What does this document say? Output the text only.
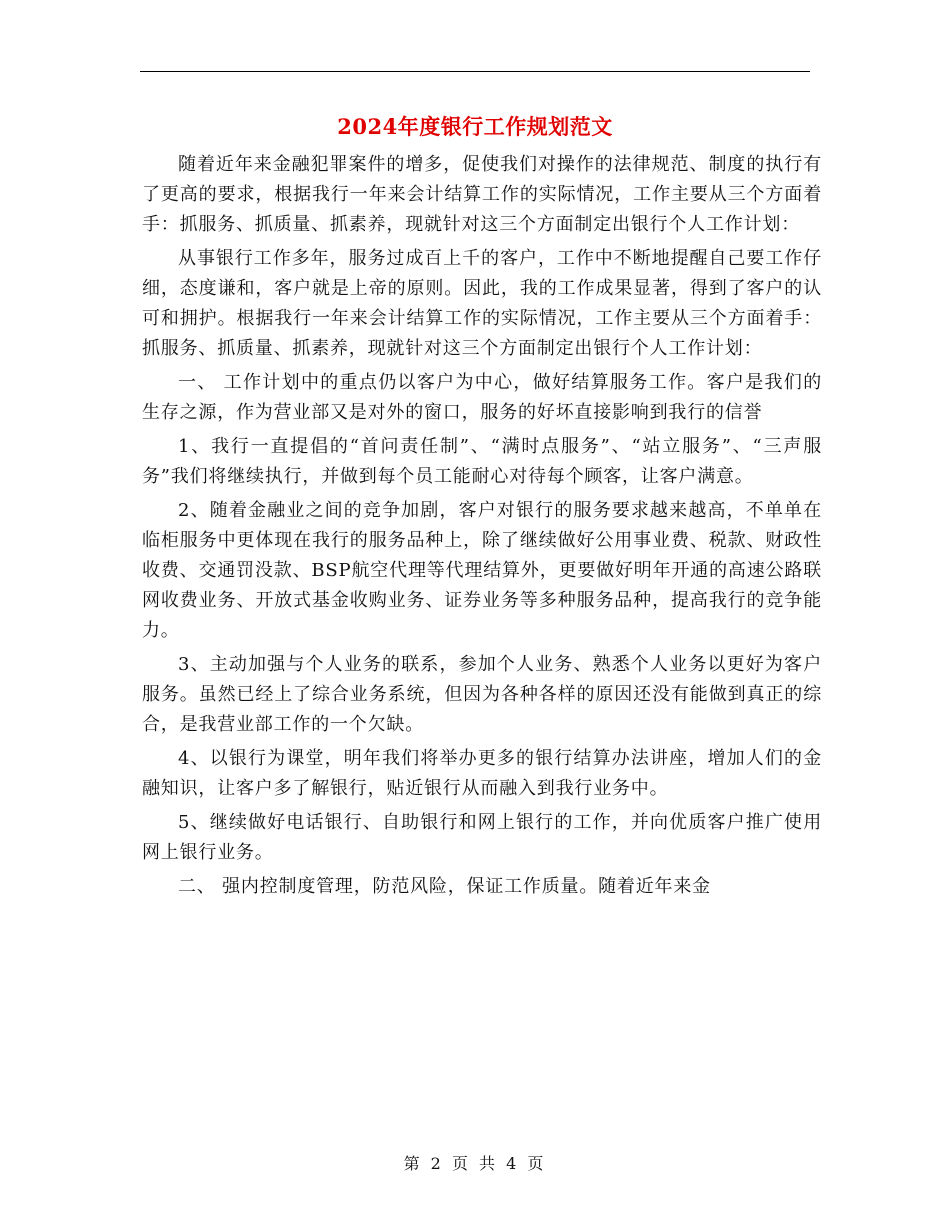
2024年度银行工作规划范文

随着近年来金融犯罪案件的增多，促使我们对操作的法律规范、制度的执行有了更高的要求，根据我行一年来会计结算工作的实际情况，工作主要从三个方面着手：抓服务、抓质量、抓素养，现就针对这三个方面制定出银行个人工作计划：

从事银行工作多年，服务过成百上千的客户，工作中不断地提醒自己要工作仔细，态度谦和，客户就是上帝的原则。因此，我的工作成果显著，得到了客户的认可和拥护。根据我行一年来会计结算工作的实际情况，工作主要从三个方面着手：抓服务、抓质量、抓素养，现就针对这三个方面制定出银行个人工作计划：

一、 工作计划中的重点仍以客户为中心，做好结算服务工作。客户是我们的生存之源，作为营业部又是对外的窗口，服务的好坏直接影响到我行的信誉

1、我行一直提倡的“首问责任制”、“满时点服务”、“站立服务”、“三声服务”我们将继续执行，并做到每个员工能耐心对待每个顾客，让客户满意。

2、随着金融业之间的竞争加剧，客户对银行的服务要求越来越高，不单单在临柜服务中更体现在我行的服务品种上，除了继续做好公用事业费、税款、财政性收费、交通罚没款、BSP航空代理等代理结算外，更要做好明年开通的高速公路联网收费业务、开放式基金收购业务、证券业务等多种服务品种，提高我行的竞争能力。

3、主动加强与个人业务的联系，参加个人业务、熟悉个人业务以更好为客户服务。虽然已经上了综合业务系统，但因为各种各样的原因还没有能做到真正的综合，是我营业部工作的一个欠缺。

4、以银行为课堂，明年我们将举办更多的银行结算办法讲座，增加人们的金融知识，让客户多了解银行，贴近银行从而融入到我行业务中。

5、继续做好电话银行、自助银行和网上银行的工作，并向优质客户推广使用网上银行业务。

二、 强内控制度管理，防范风险，保证工作质量。随着近年来金

第 2 页 共 4 页
